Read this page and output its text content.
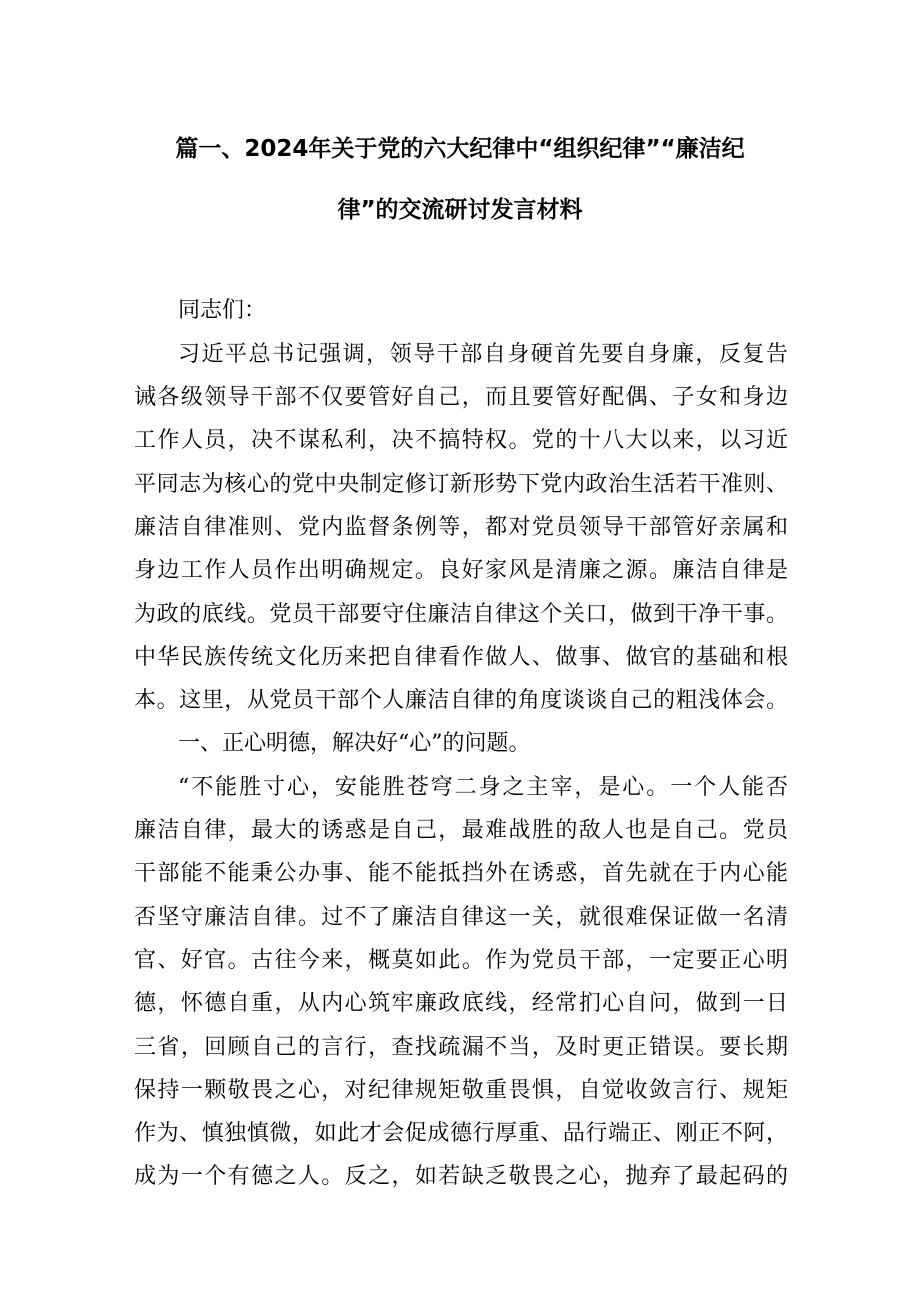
篇一、2024年关于党的六大纪律中“组织纪律”“廉洁纪
律”的交流研讨发言材料
同志们：
习近平总书记强调，领导干部自身硬首先要自身廉，反复告
诫各级领导干部不仅要管好自己，而且要管好配偶、子女和身边
工作人员，决不谋私利，决不搞特权。党的十八大以来，以习近
平同志为核心的党中央制定修订新形势下党内政治生活若干准则、
廉洁自律准则、党内监督条例等，都对党员领导干部管好亲属和
身边工作人员作出明确规定。良好家风是清廉之源。廉洁自律是
为政的底线。党员干部要守住廉洁自律这个关口，做到干净干事。
中华民族传统文化历来把自律看作做人、做事、做官的基础和根
本。这里，从党员干部个人廉洁自律的角度谈谈自己的粗浅体会。
一、正心明德，解决好“心”的问题。
“不能胜寸心，安能胜苍穹二身之主宰，是心。一个人能否
廉洁自律，最大的诱惑是自己，最难战胜的敌人也是自己。党员
干部能不能秉公办事、能不能抵挡外在诱惑，首先就在于内心能
否坚守廉洁自律。过不了廉洁自律这一关，就很难保证做一名清
官、好官。古往今来，概莫如此。作为党员干部，一定要正心明
德，怀德自重，从内心筑牢廉政底线，经常扪心自问，做到一日
三省，回顾自己的言行，查找疏漏不当，及时更正错误。要长期
保持一颗敬畏之心，对纪律规矩敬重畏惧，自觉收敛言行、规矩
作为、慎独慎微，如此才会促成德行厚重、品行端正、刚正不阿，
成为一个有德之人。反之，如若缺乏敬畏之心，抛弃了最起码的
